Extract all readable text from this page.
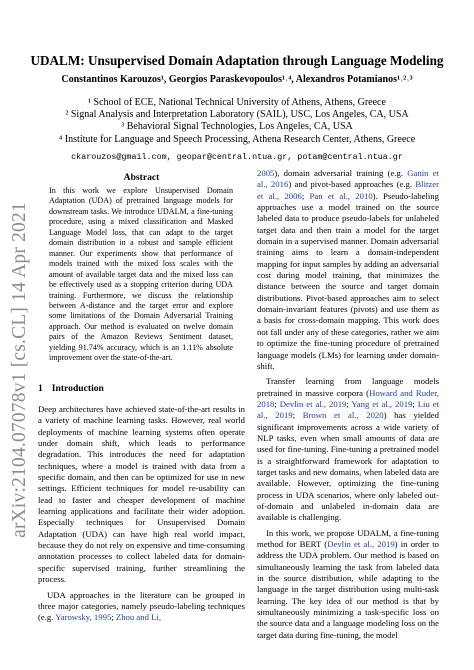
arXiv:2104.07078v1 [cs.CL] 14 Apr 2021
UDALM: Unsupervised Domain Adaptation through Language Modeling
Constantinos Karouzos¹, Georgios Paraskevopoulos¹˒⁴, Alexandros Potamianos¹˒²˒³
¹ School of ECE, National Technical University of Athens, Athens, Greece
² Signal Analysis and Interpretation Laboratory (SAIL), USC, Los Angeles, CA, USA
³ Behavioral Signal Technologies, Los Angeles, CA, USA
⁴ Institute for Language and Speech Processing, Athena Research Center, Athens, Greece
ckarouzos@gmail.com, geopar@central.ntua.gr, potam@central.ntua.gr
Abstract

In this work we explore Unsupervised Domain Adaptation (UDA) of pretrained language models for downstream tasks. We introduce UDALM, a fine-tuning procedure, using a mixed classification and Masked Language Model loss, that can adapt to the target domain distribution in a robust and sample efficient manner. Our experiments show that performance of models trained with the mixed loss scales with the amount of available target data and the mixed loss can be effectively used as a stopping criterion during UDA training. Furthermore, we discuss the relationship between A-distance and the target error and explore some limitations of the Domain Adversarial Training approach. Our method is evaluated on twelve domain pairs of the Amazon Reviews Sentiment dataset, yielding 91.74% accuracy, which is an 1.11% absolute improvement over the state-of-the-art.

1 Introduction

Deep architectures have achieved state-of-the-art results in a variety of machine learning tasks. However, real world deployments of machine learning systems often operate under domain shift, which leads to performance degradation. This introduces the need for adaptation techniques, where a model is trained with data from a specific domain, and then can be optimized for use in new settings. Efficient techniques for model re-usability can lead to faster and cheaper development of machine learning applications and facilitate their wider adoption. Especially techniques for Unsupervised Domain Adaptation (UDA) can have high real world impact, because they do not rely on expensive and time-consuming annotation processes to collect labeled data for domain-specific supervised training, further streamlining the process.

UDA approaches in the literature can be grouped in three major categories, namely pseudo-labeling techniques (e.g. Yarowsky, 1995; Zhou and Li,

2005), domain adversarial training (e.g. Ganin et al., 2016) and pivot-based approaches (e.g. Blitzer et al., 2006; Pan et al., 2010). Pseudo-labeling approaches use a model trained on the source labeled data to produce pseudo-labels for unlabeled target data and then train a model for the target domain in a supervised manner. Domain adversarial training aims to learn a domain-independent mapping for input samples by adding an adversarial cost during model training, that minimizes the distance between the source and target domain distributions. Pivot-based approaches aim to select domain-invariant features (pivots) and use them as a basis for cross-domain mapping. This work does not fall under any of these categories, rather we aim to optimize the fine-tuning procedure of pretrained language models (LMs) for learning under domain-shift.

Transfer learning from language models pretrained in massive corpora (Howard and Ruder, 2018; Devlin et al., 2019; Yang et al., 2019; Liu et al., 2019; Brown et al., 2020) has yielded significant improvements across a wide variety of NLP tasks, even when small amounts of data are used for fine-tuning. Fine-tuning a pretrained model is a straightforward framework for adaptation to target tasks and new domains, when labeled data are available. However, optimizing the fine-tuning process in UDA scenarios, where only labeled out-of-domain and unlabeled in-domain data are available is challenging.

In this work, we propose UDALM, a fine-tuning method for BERT (Devlin et al., 2019) in order to address the UDA problem. Our method is based on simultaneously learning the task from labeled data in the source distribution, while adapting to the language in the target distribution using multi-task learning. The key idea of our method is that by simultaneously minimizing a task-specific loss on the source data and a language modeling loss on the target data during fine-tuning, the model
